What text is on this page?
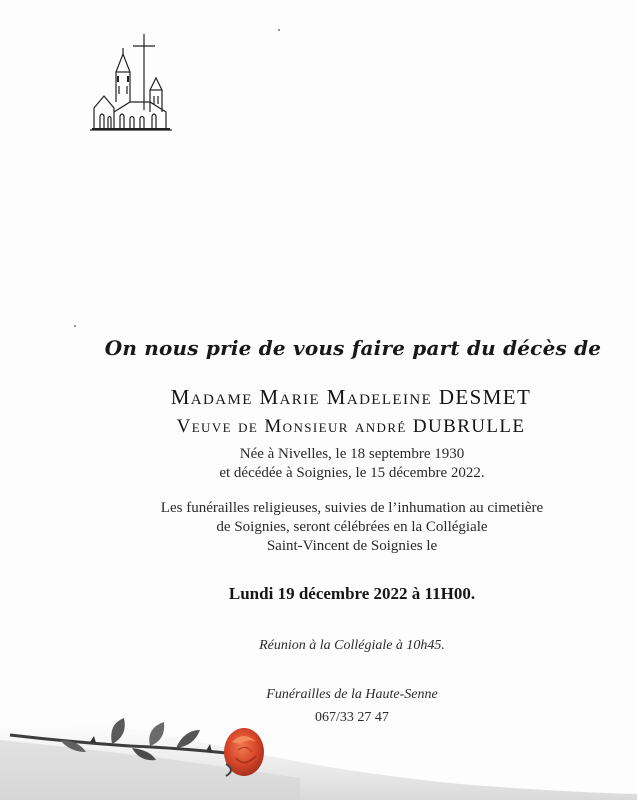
On nous prie de vous faire part du décès de
Madame Marie Madeleine DESMET
Veuve de Monsieur andré DUBRULLE
Née à Nivelles, le 18 septembre 1930
et décédée à Soignies, le 15 décembre 2022.
Les funérailles religieuses, suivies de l’inhumation au cimetière
de Soignies, seront célébrées en la Collégiale
Saint-Vincent de Soignies le
Lundi 19 décembre 2022 à 11H00.
Réunion à la Collégiale à 10h45.
Funérailles de la Haute-Senne
067/33 27 47
